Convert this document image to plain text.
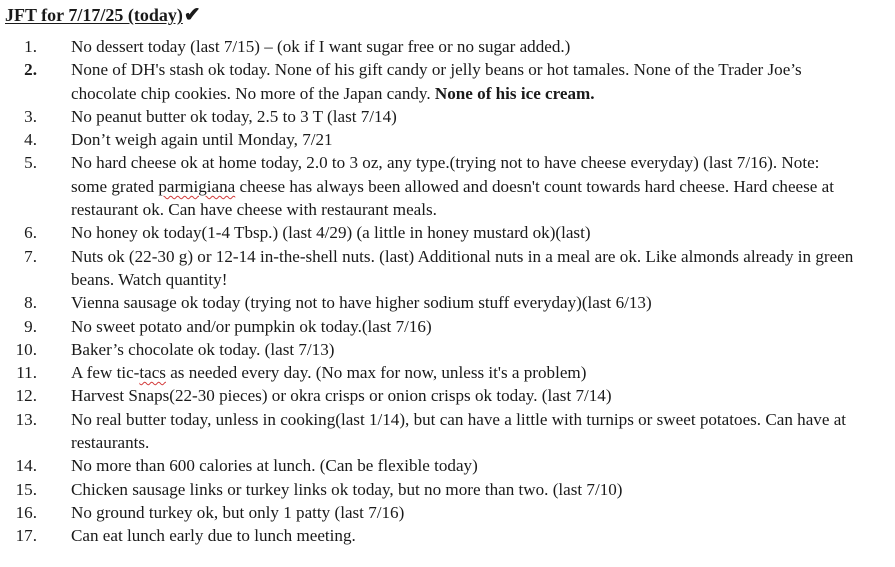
JFT for 7/17/25 (today)✔
1. No dessert today (last 7/15) – (ok if I want sugar free or no sugar added.)
2. None of DH's stash ok today. None of his gift candy or jelly beans or hot tamales. None of the Trader Joe’s chocolate chip cookies. No more of the Japan candy. None of his ice cream.
3. No peanut butter ok today, 2.5 to 3 T (last 7/14)
4. Don’t weigh again until Monday, 7/21
5. No hard cheese ok at home today, 2.0 to 3 oz, any type.(trying not to have cheese everyday) (last 7/16). Note: some grated parmigiana cheese has always been allowed and doesn't count towards hard cheese. Hard cheese at restaurant ok. Can have cheese with restaurant meals.
6. No honey ok today(1-4 Tbsp.) (last 4/29) (a little in honey mustard ok)(last)
7. Nuts ok (22-30 g) or 12-14 in-the-shell nuts. (last) Additional nuts in a meal are ok. Like almonds already in green beans. Watch quantity!
8. Vienna sausage ok today (trying not to have higher sodium stuff everyday)(last 6/13)
9. No sweet potato and/or pumpkin ok today.(last 7/16)
10. Baker’s chocolate ok today. (last 7/13)
11. A few tic-tacs as needed every day. (No max for now, unless it's a problem)
12. Harvest Snaps(22-30 pieces) or okra crisps or onion crisps ok today. (last 7/14)
13. No real butter today, unless in cooking(last 1/14), but can have a little with turnips or sweet potatoes. Can have at restaurants.
14. No more than 600 calories at lunch. (Can be flexible today)
15. Chicken sausage links or turkey links ok today, but no more than two. (last 7/10)
16. No ground turkey ok, but only 1 patty (last 7/16)
17. Can eat lunch early due to lunch meeting.
